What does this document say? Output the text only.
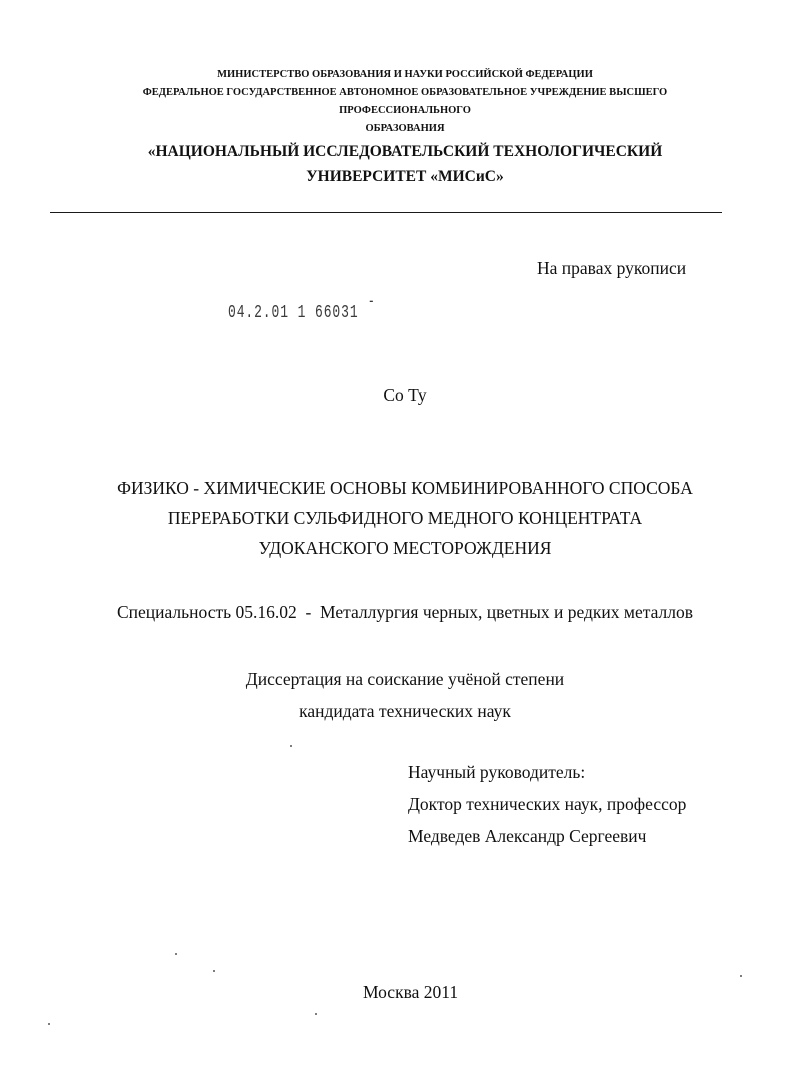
МИНИСТЕРСТВО ОБРАЗОВАНИЯ И НАУКИ РОССИЙСКОЙ ФЕДЕРАЦИИ
ФЕДЕРАЛЬНОЕ ГОСУДАРСТВЕННОЕ АВТОНОМНОЕ ОБРАЗОВАТЕЛЬНОЕ УЧРЕЖДЕНИЕ ВЫСШЕГО
ПРОФЕССИОНАЛЬНОГО
ОБРАЗОВАНИЯ
«НАЦИОНАЛЬНЫЙ ИССЛЕДОВАТЕЛЬСКИЙ ТЕХНОЛОГИЧЕСКИЙ
УНИВЕРСИТЕТ «МИСиС»
На правах рукописи
04.2.01 1 66031 -
Со Ту
ФИЗИКО - ХИМИЧЕСКИЕ ОСНОВЫ КОМБИНИРОВАННОГО СПОСОБА
ПЕРЕРАБОТКИ СУЛЬФИДНОГО МЕДНОГО КОНЦЕНТРАТА
УДОКАНСКОГО МЕСТОРОЖДЕНИЯ
Специальность 05.16.02  -  Металлургия черных, цветных и редких металлов
Диссертация на соискание учёной степени
кандидата технических наук
Научный руководитель:
Доктор технических наук, профессор
Медведев Александр Сергеевич
Москва 2011
